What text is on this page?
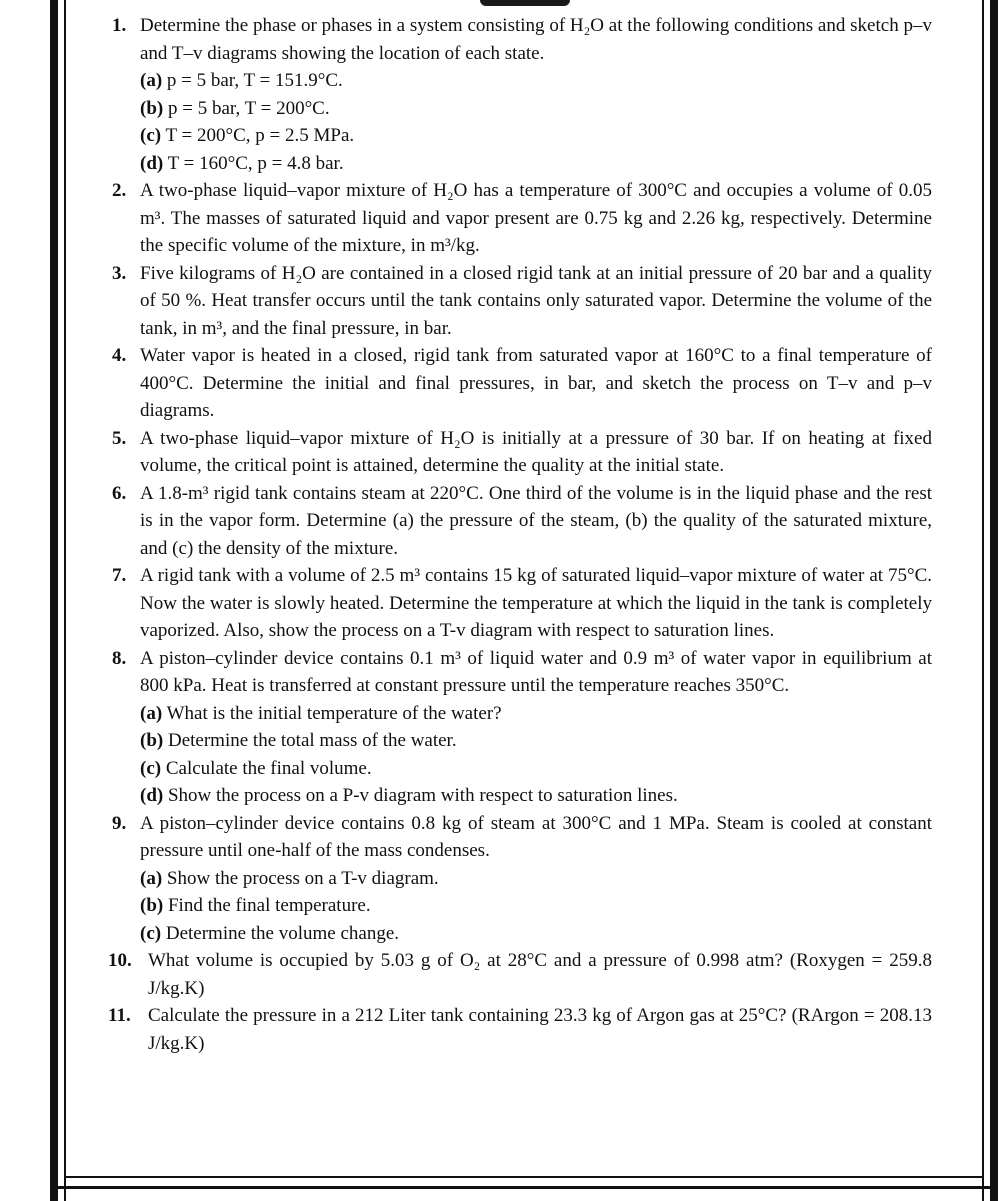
1. Determine the phase or phases in a system consisting of H₂O at the following conditions and sketch p–v and T–v diagrams showing the location of each state.
(a) p = 5 bar, T = 151.9°C.
(b) p = 5 bar, T = 200°C.
(c) T = 200°C, p = 2.5 MPa.
(d) T = 160°C, p = 4.8 bar.
2. A two-phase liquid–vapor mixture of H₂O has a temperature of 300°C and occupies a volume of 0.05 m³. The masses of saturated liquid and vapor present are 0.75 kg and 2.26 kg, respectively. Determine the specific volume of the mixture, in m³/kg.
3. Five kilograms of H₂O are contained in a closed rigid tank at an initial pressure of 20 bar and a quality of 50 %. Heat transfer occurs until the tank contains only saturated vapor. Determine the volume of the tank, in m³, and the final pressure, in bar.
4. Water vapor is heated in a closed, rigid tank from saturated vapor at 160°C to a final temperature of 400°C. Determine the initial and final pressures, in bar, and sketch the process on T–v and p–v diagrams.
5. A two-phase liquid–vapor mixture of H₂O is initially at a pressure of 30 bar. If on heating at fixed volume, the critical point is attained, determine the quality at the initial state.
6. A 1.8-m³ rigid tank contains steam at 220°C. One third of the volume is in the liquid phase and the rest is in the vapor form. Determine (a) the pressure of the steam, (b) the quality of the saturated mixture, and (c) the density of the mixture.
7. A rigid tank with a volume of 2.5 m³ contains 15 kg of saturated liquid–vapor mixture of water at 75°C. Now the water is slowly heated. Determine the temperature at which the liquid in the tank is completely vaporized. Also, show the process on a T-v diagram with respect to saturation lines.
8. A piston–cylinder device contains 0.1 m³ of liquid water and 0.9 m³ of water vapor in equilibrium at 800 kPa. Heat is transferred at constant pressure until the temperature reaches 350°C.
(a) What is the initial temperature of the water?
(b) Determine the total mass of the water.
(c) Calculate the final volume.
(d) Show the process on a P-v diagram with respect to saturation lines.
9. A piston–cylinder device contains 0.8 kg of steam at 300°C and 1 MPa. Steam is cooled at constant pressure until one-half of the mass condenses.
(a) Show the process on a T-v diagram.
(b) Find the final temperature.
(c) Determine the volume change.
10. What volume is occupied by 5.03 g of O₂ at 28°C and a pressure of 0.998 atm? (Roxygen = 259.8 J/kg.K)
11. Calculate the pressure in a 212 Liter tank containing 23.3 kg of Argon gas at 25°C? (RArgon = 208.13 J/kg.K)
